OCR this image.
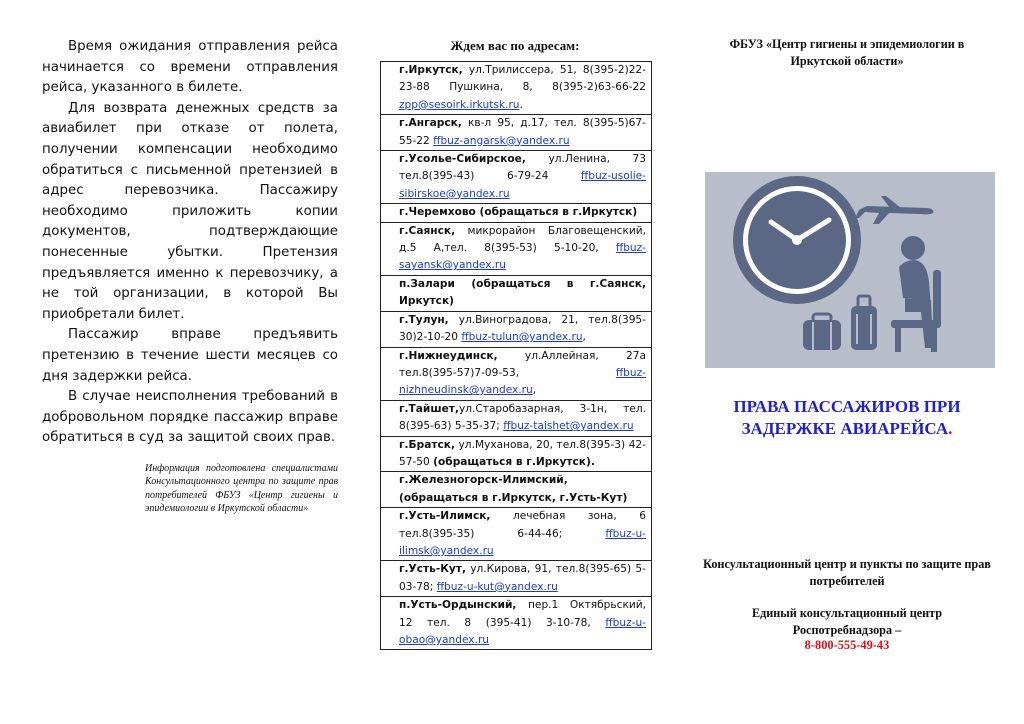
Время ожидания отправления рейса начинается со времени отправления рейса, указанного в билете.

Для возврата денежных средств за авиабилет при отказе от полета, получении компенсации необходимо обратиться с письменной претензией в адрес перевозчика. Пассажиру необходимо приложить копии документов, подтверждающие понесенные убытки. Претензия предъявляется именно к перевозчику, а не той организации, в которой Вы приобретали билет.

Пассажир вправе предъявить претензию в течение шести месяцев со дня задержки рейса.

В случае неисполнения требований в добровольном порядке пассажир вправе обратиться в суд за защитой своих прав.

Информация подготовлена специалистами Консультационного центра по защите прав потребителей ФБУЗ «Центр гигиены и эпидемиологии в Иркутской области»
Ждем вас по адресам:
г.Иркутск, ул.Трилиссера, 51, 8(395-2)22-23-88 Пушкина, 8, 8(395-2)63-66-22 zpp@sesoirk.irkutsk.ru.
г.Ангарск, кв-л 95, д.17, тел. 8(395-5)67-55-22 ffbuz-angarsk@yandex.ru
г.Усолье-Сибирское, ул.Ленина, 73 тел.8(395-43) 6-79-24	ffbuz-usolie-sibirskoe@yandex.ru
г.Черемхово (обращаться в г.Иркутск)
г.Саянск, микрорайон Благовещенский, д.5 А,тел. 8(395-53) 5-10-20, ffbuz-sayansk@yandex.ru
п.Залари (обращаться в г.Саянск, Иркутск)
г.Тулун, ул.Виноградова, 21, тел.8(395-30)2-10-20 ffbuz-tulun@yandex.ru,
г.Нижнеудинск, ул.Аллейная, 27а тел.8(395-57)7-09-53,	ffbuz-nizhneudinsk@yandex.ru,
г.Тайшет,ул.Старобазарная, 3-1н, тел. 8(395-63) 5-35-37; ffbuz-taishet@yandex.ru
г.Братск, ул.Муханова, 20, тел.8(395-3) 42-57-50 (обращаться в г.Иркутск).
г.Железногорск-Илимский, (обращаться в г.Иркутск, г.Усть-Кут)
г.Усть-Илимск, лечебная зона, 6 тел.8(395-35) 6-44-46;	ffbuz-u-ilimsk@yandex.ru
г.Усть-Кут, ул.Кирова, 91, тел.8(395-65) 5-03-78; ffbuz-u-kut@yandex.ru
п.Усть-Ордынский, пер.1 Октябрьский, 12 тел. 8 (395-41) 3-10-78, ffbuz-u-obao@yandex.ru
ФБУЗ «Центр гигиены и эпидемиологии в Иркутской области»
ПРАВА ПАССАЖИРОВ ПРИ ЗАДЕРЖКЕ АВИАРЕЙСА.
Консультационный центр и пункты по защите прав потребителей
Единый консультационный центр
Роспотребнадзора –
8-800-555-49-43
